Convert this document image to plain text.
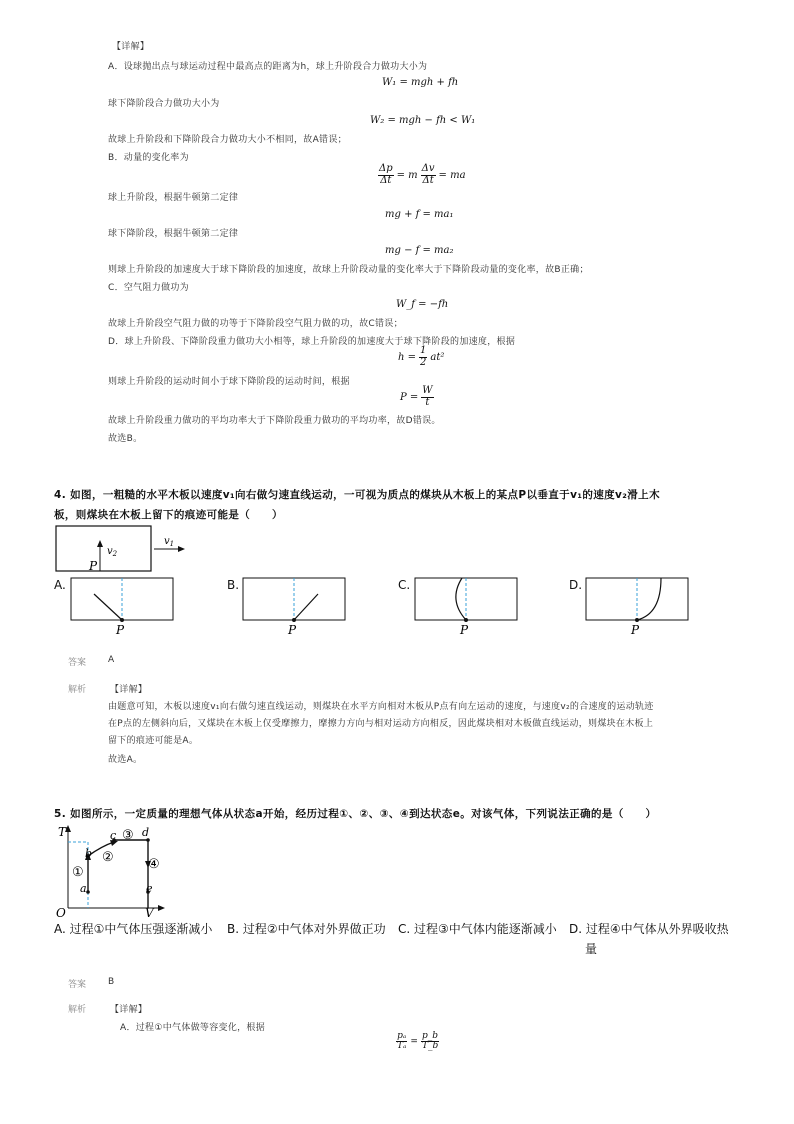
【详解】
A．设球抛出点与球运动过程中最高点的距离为h，球上升阶段合力做功大小为
W₁ = mgh + fh
球下降阶段合力做功大小为
W₂ = mgh − fh < W₁
故球上升阶段和下降阶段合力做功大小不相同，故A错误；
B．动量的变化率为
$\frac{\Delta p}{\Delta t} = m \frac{\Delta v}{\Delta t}$ = ma
球上升阶段，根据牛顿第二定律
mg + f = ma₁
球下降阶段，根据牛顿第二定律
mg − f = ma₂
则球上升阶段的加速度大于球下降阶段的加速度，故球上升阶段动量的变化率大于下降阶段动量的变化率，故B正确；
C．空气阻力做功为
W_f = −fh
故球上升阶段空气阻力做的功等于下降阶段空气阻力做的功，故C错误；
D．球上升阶段、下降阶段重力做功大小相等，球上升阶段的加速度大于球下降阶段的加速度，根据
$h = \frac{1}{2} at^2$
则球上升阶段的运动时间小于球下降阶段的运动时间，根据
$P = \frac{W}{t}$
故球上升阶段重力做功的平均功率大于下降阶段重力做功的平均功率，故D错误。
故选B。
4. 如图，一粗糙的水平木板以速度v₁向右做匀速直线运动，一可视为质点的煤块从木板上的某点P以垂直于v₁的速度v₂滑上木
板，则煤块在木板上留下的痕迹可能是（　　）
$v_1$
$v_2$
P
A.
P
B.
P
C.
P
D.
P
答案 A
解析	【详解】
由题意可知，木板以速度v₁向右做匀速直线运动，则煤块在水平方向相对木板从P点有向左运动的速度，与速度v₂的合速度的运动轨迹
在P点的左侧斜向后，又煤块在木板上仅受摩擦力，摩擦力方向与相对运动方向相反，因此煤块相对木板做直线运动，则煤块在木板上
留下的痕迹可能是A。
故选A。
5. 如图所示，一定质量的理想气体从状态a开始，经历过程①、②、③、④到达状态e。对该气体，下列说法正确的是（　　）
T
V
O
a
b
c d
e
①
②
③
④
A. 过程①中气体压强逐渐减小 B. 过程②中气体对外界做正功 C. 过程③中气体内能逐渐减小 D. 过程④中气体从外界吸收热
量
答案 B
解析	【详解】
A．过程①中气体做等容变化，根据
$\frac{\text{pₐ}}{\text{Tₐ}} = \frac{p\_b}{T\_b}$
